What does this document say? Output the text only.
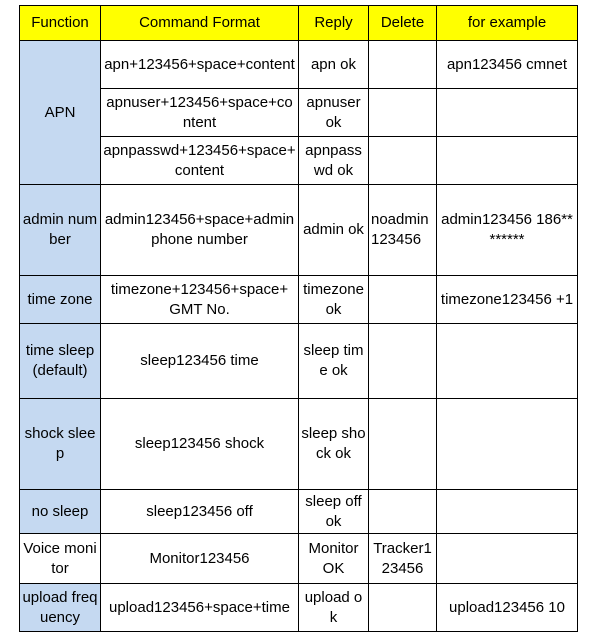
Function	Command Format	Reply	Delete	for example
APN	apn+123456+space+content	apn ok		apn123456 cmnet
	apnuser+123456+space+content	apnuser ok		
	apnpasswd+123456+space+content	apnpasswd ok		
admin number	admin123456+space+admin phone number	admin ok	noadmin 123456	admin123456 186********
time zone	timezone+123456+space+ GMT No.	timezone ok		timezone123456 +1
time sleep(default)	sleep123456 time	sleep time ok		
shock sleep	sleep123456 shock	sleep shock ok		
no sleep	sleep123456 off	sleep off ok		
Voice monitor	Monitor123456	Monitor OK	Tracker123456	
upload frequency	upload123456+space+time	upload ok		upload123456 10
